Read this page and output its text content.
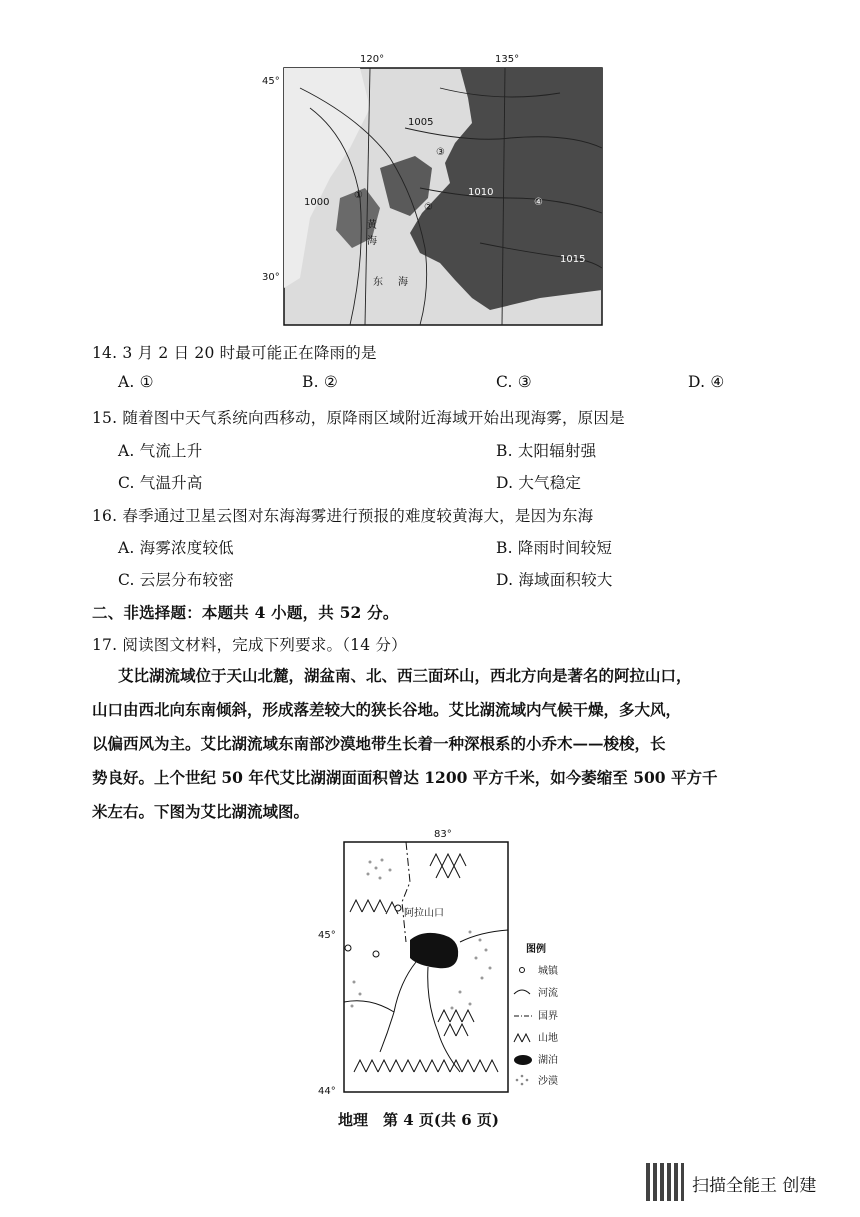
120°	135°
45°
30°
1005
1000
1010
1015
黄
海
东 海
①
②
③
④
14. 3 月 2 日 20 时最可能正在降雨的是
A. ①	B. ②	C. ③	D. ④
15. 随着图中天气系统向西移动，原降雨区域附近海域开始出现海雾，原因是
A. 气流上升	B. 太阳辐射强
C. 气温升高	D. 大气稳定
16. 春季通过卫星云图对东海海雾进行预报的难度较黄海大，是因为东海
A. 海雾浓度较低	B. 降雨时间较短
C. 云层分布较密	D. 海域面积较大
二、非选择题：本题共 4 小题，共 52 分。
17. 阅读图文材料，完成下列要求。（14 分）
艾比湖流域位于天山北麓，湖盆南、北、西三面环山，西北方向是著名的阿拉山口，
山口由西北向东南倾斜，形成落差较大的狭长谷地。艾比湖流域内气候干燥，多大风，
以偏西风为主。艾比湖流域东南部沙漠地带生长着一种深根系的小乔木——梭梭，长
势良好。上个世纪 50 年代艾比湖湖面面积曾达 1200 平方千米，如今萎缩至 500 平方千
米左右。下图为艾比湖流域图。
83°
45°
44°
阿拉山口
图例
城镇
河流
国界
山地
湖泊
沙漠
地理　第 4 页(共 6 页)
扫描全能王 创建
